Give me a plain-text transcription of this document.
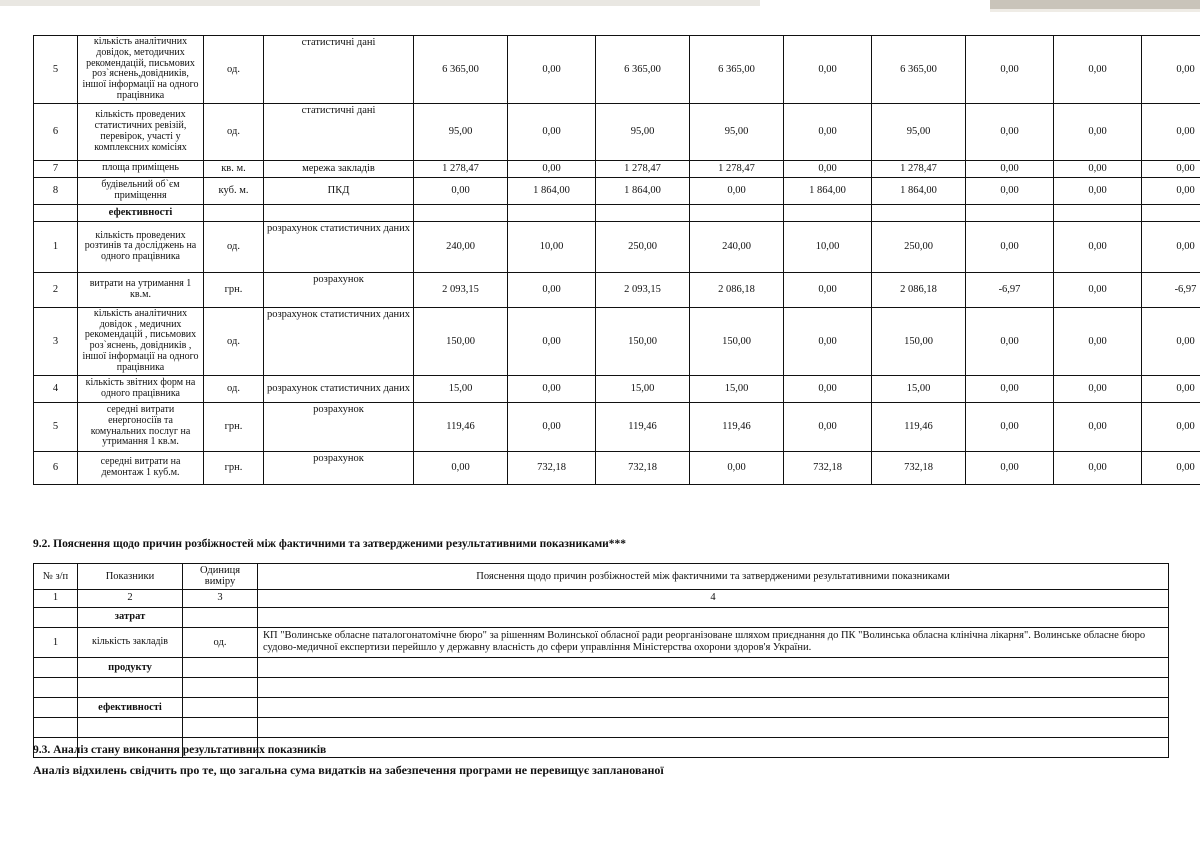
5	кількість аналітичних довідок, методичних рекомендацій, письмових роз`яснень,довідників, іншої інформації на одного працівника	од.	статистичні дані	6 365,00	0,00	6 365,00	6 365,00	0,00	6 365,00	0,00	0,00	0,00
6	кількість проведених статистичних ревізій, перевірок, участі у комплексних комісіях	од.	статистичні дані	95,00	0,00	95,00	95,00	0,00	95,00	0,00	0,00	0,00
7	площа приміщень	кв. м.	мережа закладів	1 278,47	0,00	1 278,47	1 278,47	0,00	1 278,47	0,00	0,00	0,00
8	будівельний об`єм приміщення	куб. м.	ПКД	0,00	1 864,00	1 864,00	0,00	1 864,00	1 864,00	0,00	0,00	0,00
	ефективності											
1	кількість проведених розтинів та досліджень на одного працівника	од.	розрахунок статистичних даних	240,00	10,00	250,00	240,00	10,00	250,00	0,00	0,00	0,00
2	витрати на утримання 1 кв.м.	грн.	розрахунок	2 093,15	0,00	2 093,15	2 086,18	0,00	2 086,18	-6,97	0,00	-6,97
3	кількість аналітичних довідок , медичних рекомендацій , письмових роз`яснень, довідників , іншої інформації на одного працівника	од.	розрахунок статистичних даних	150,00	0,00	150,00	150,00	0,00	150,00	0,00	0,00	0,00
4	кількість звітних форм на одного працівника	од.	розрахунок статистичних даних	15,00	0,00	15,00	15,00	0,00	15,00	0,00	0,00	0,00
5	середні витрати енергоносіїв та комунальних послуг на утримання 1 кв.м.	грн.	розрахунок	119,46	0,00	119,46	119,46	0,00	119,46	0,00	0,00	0,00
6	середні витрати на демонтаж 1 куб.м.	грн.	розрахунок	0,00	732,18	732,18	0,00	732,18	732,18	0,00	0,00	0,00
9.2. Пояснення щодо причин розбіжностей між фактичними та затвердженими результативними показниками***
№ з/п	Показники	Одиниця виміру	Пояснення щодо причин розбіжностей між фактичними та затвердженими результативними показниками
1	2	3	4
	затрат		
1	кількість закладів	од.	КП "Волинське обласне паталогонатомічне бюро" за рішенням Волинської обласної ради реорганізоване шляхом приєднання до ПК "Волинська обласна клінічна лікарня". Волинське обласне бюро судово-медичної експертизи перейшло у державну власність до сфери управління Міністерства охорони здоров'я України.
	продукту		

	ефективності		

9.3. Аналіз стану виконання результативних показників
Аналіз відхилень свідчить про те, що загальна сума видатків на забезпечення програми не перевищує запланованої
